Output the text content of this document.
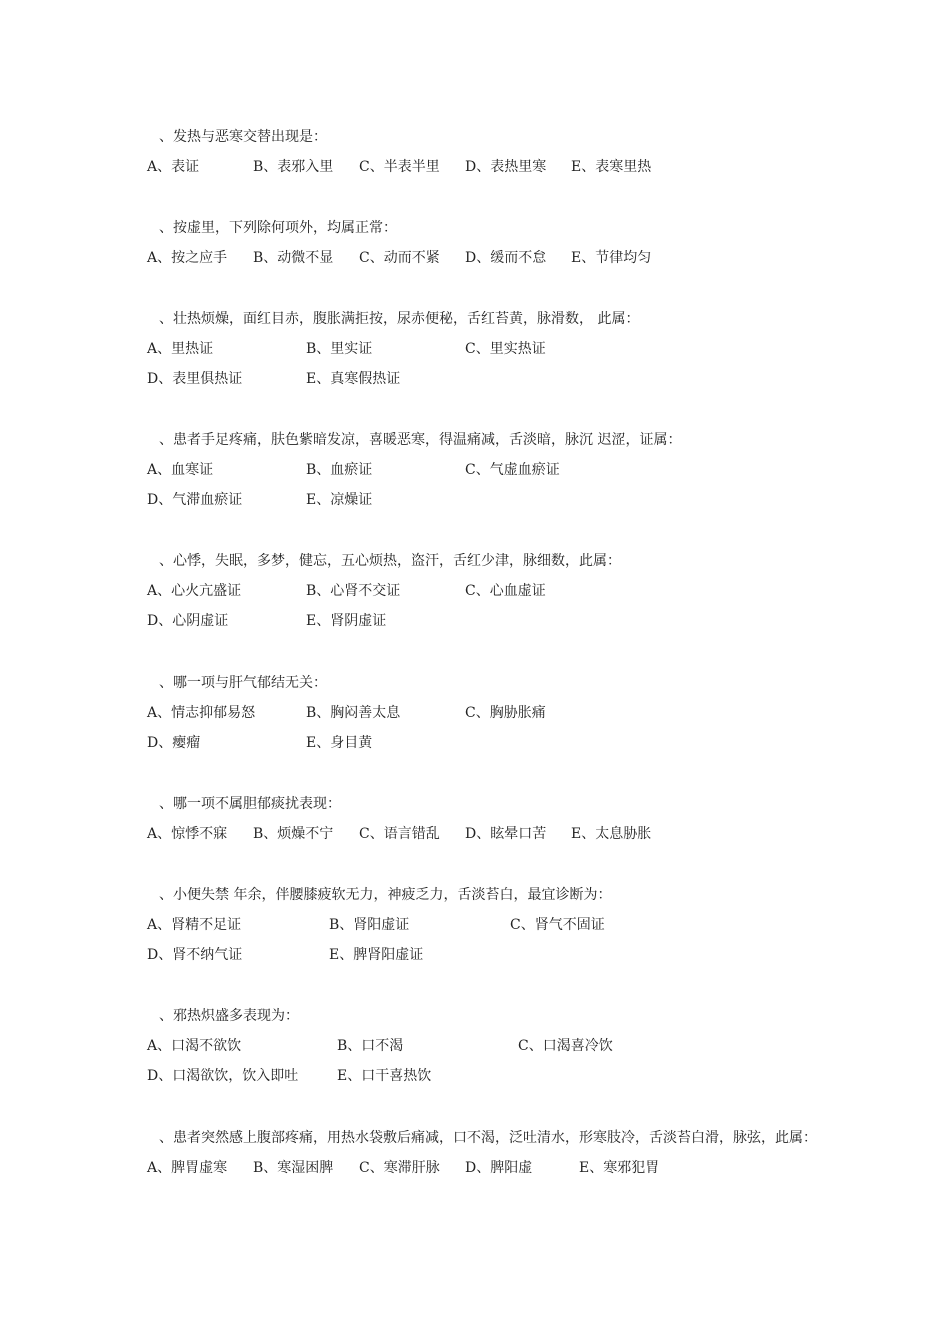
、发热与恶寒交替出现是：
A、表证	B、表邪入里 C、半表半里 D、表热里寒 E、表寒里热
、按虚里，下列除何项外，均属正常：
A、按之应手 B、动微不显 C、动而不紧 D、缓而不怠 E、节律均匀
、壮热烦燥，面红目赤，腹胀满拒按，尿赤便秘，舌红苔黄，脉滑数， 此属：
A、里热证	B、里实证	C、里实热证
D、表里俱热证	E、真寒假热证
、患者手足疼痛，肤色紫暗发凉，喜暖恶寒，得温痛减，舌淡暗，脉沉 迟涩，证属：
A、血寒证	B、血瘀证	C、气虚血瘀证
D、气滞血瘀证	E、凉燥证
、心悸，失眠，多梦，健忘，五心烦热，盗汗，舌红少津，脉细数，此属：
A、心火亢盛证	B、心肾不交证	C、心血虚证
D、心阴虚证	E、肾阴虚证
、哪一项与肝气郁结无关：
A、情志抑郁易怒	B、胸闷善太息	C、胸胁胀痛
D、瘿瘤	E、身目黄
、哪一项不属胆郁痰扰表现：
A、惊悸不寐 B、烦燥不宁 C、语言错乱 D、眩晕口苦 E、太息胁胀
、小便失禁 年余，伴腰膝疲软无力，神疲乏力，舌淡苔白，最宜诊断为：
A、肾精不足证	B、肾阳虚证	C、肾气不固证
D、肾不纳气证	E、脾肾阳虚证
、邪热炽盛多表现为：
A、口渴不欲饮	B、口不渴	C、口渴喜冷饮
D、口渴欲饮，饮入即吐	E、口干喜热饮
、患者突然感上腹部疼痛，用热水袋敷后痛减，口不渴，泛吐清水，形寒肢冷，舌淡苔白滑，脉弦，此属：
A、脾胃虚寒 B、寒湿困脾 C、寒滞肝脉 D、脾阳虚	E、寒邪犯胃
